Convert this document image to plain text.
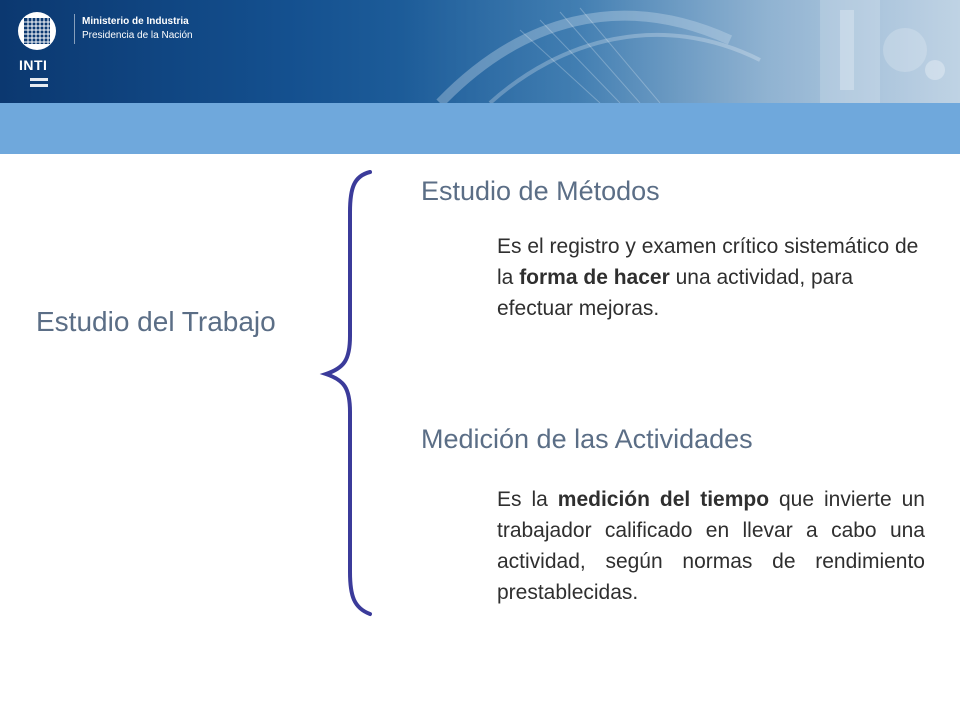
INTI
Ministerio de Industria
Presidencia de la Nación
Estudio del Trabajo
Estudio de Métodos
Es el registro y examen crítico sistemático de la forma de hacer una actividad, para efectuar mejoras.
Medición de las Actividades
Es la medición del tiempo que invierte un trabajador calificado en llevar a cabo una actividad, según normas de rendimiento prestablecidas.
